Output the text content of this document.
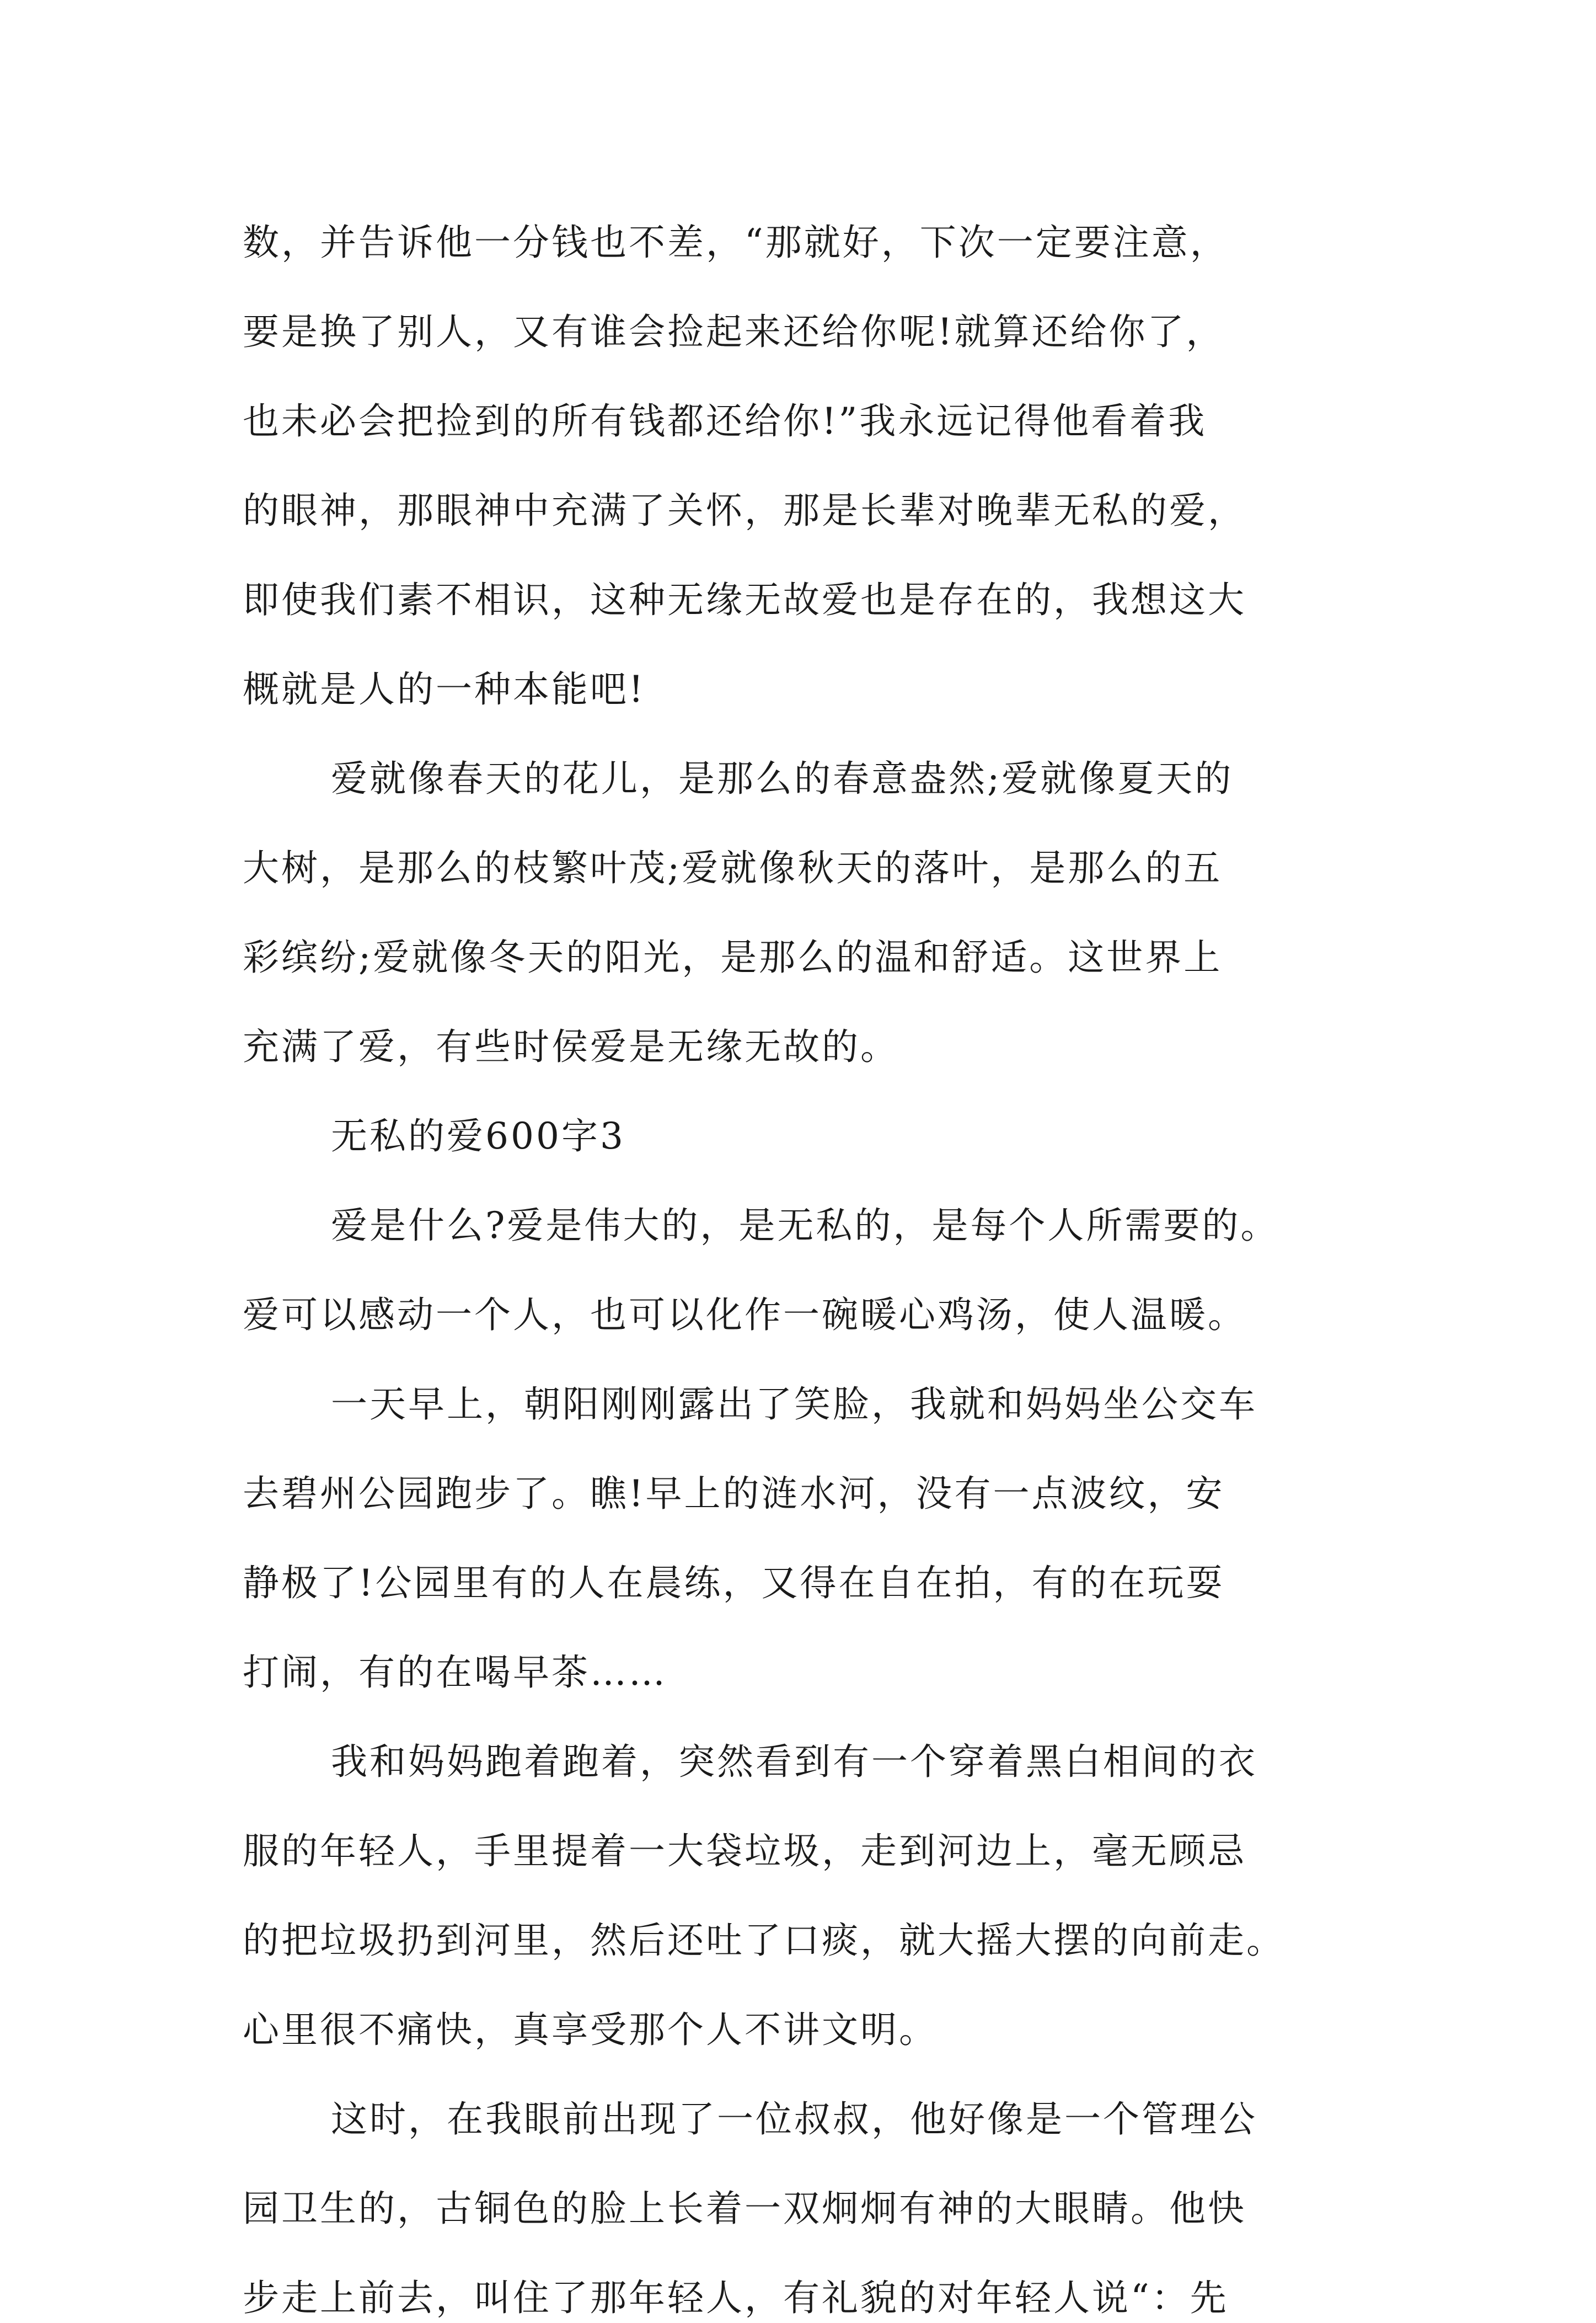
数，并告诉他一分钱也不差，“那就好，下次一定要注意，
要是换了别人，又有谁会捡起来还给你呢!就算还给你了，
也未必会把捡到的所有钱都还给你!”我永远记得他看着我
的眼神，那眼神中充满了关怀，那是长辈对晚辈无私的爱，
即使我们素不相识，这种无缘无故爱也是存在的，我想这大
概就是人的一种本能吧!
爱就像春天的花儿，是那么的春意盎然;爱就像夏天的
大树，是那么的枝繁叶茂;爱就像秋天的落叶，是那么的五
彩缤纷;爱就像冬天的阳光，是那么的温和舒适。这世界上
充满了爱，有些时侯爱是无缘无故的。
无私的爱600字3
爱是什么?爱是伟大的，是无私的，是每个人所需要的。
爱可以感动一个人，也可以化作一碗暖心鸡汤，使人温暖。
一天早上，朝阳刚刚露出了笑脸，我就和妈妈坐公交车
去碧州公园跑步了。瞧!早上的涟水河，没有一点波纹，安
静极了!公园里有的人在晨练，又得在自在拍，有的在玩耍
打闹，有的在喝早茶……
我和妈妈跑着跑着，突然看到有一个穿着黑白相间的衣
服的年轻人，手里提着一大袋垃圾，走到河边上，毫无顾忌
的把垃圾扔到河里，然后还吐了口痰，就大摇大摆的向前走。
心里很不痛快，真享受那个人不讲文明。
这时，在我眼前出现了一位叔叔，他好像是一个管理公
园卫生的，古铜色的脸上长着一双炯炯有神的大眼睛。他快
步走上前去，叫住了那年轻人，有礼貌的对年轻人说“：先
